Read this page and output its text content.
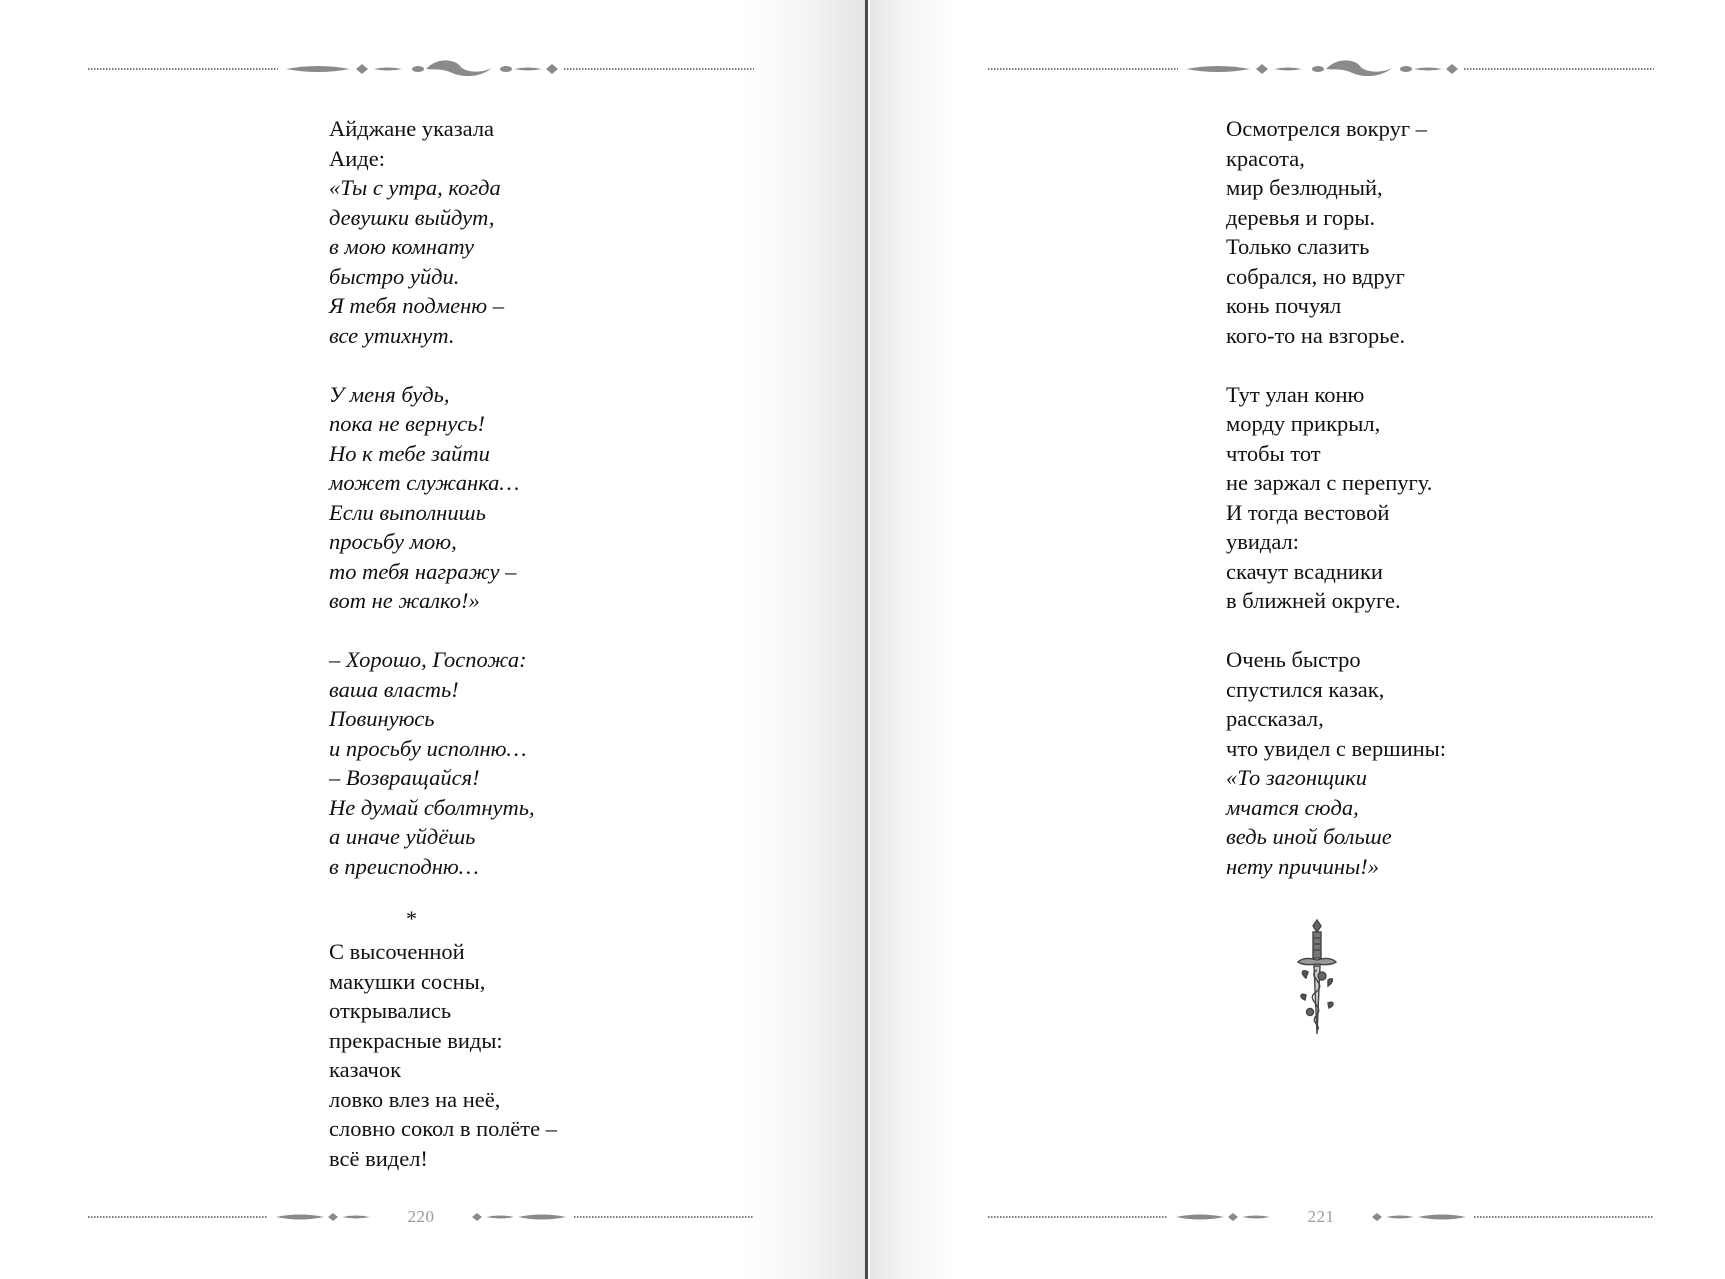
Айджане указала
Аиде:
«Ты с утра, когда
девушки выйдут,
в мою комнату
быстро уйди.
Я тебя подменю –
все утихнут.
У меня будь,
пока не вернусь!
Но к тебе зайти
может служанка…
Если выполнишь
просьбу мою,
то тебя награжу –
вот не жалко!»
– Хорошо, Госпожа:
ваша власть!
Повинуюсь
и просьбу исполню…
– Возвращайся!
Не думай сболтнуть,
а иначе уйдёшь
в преисподню…
*
С высоченной
макушки сосны,
открывались
прекрасные виды:
казачок
ловко влез на неё,
словно сокол в полёте –
всё видел!
Осмотрелся вокруг –
красота,
мир безлюдный,
деревья и горы.
Только слазить
собрался, но вдруг
конь почуял
кого-то на взгорье.
Тут улан коню
морду прикрыл,
чтобы тот
не заржал с перепугу.
И тогда вестовой
увидал:
скачут всадники
в ближней округе.
Очень быстро
спустился казак,
рассказал,
что увидел с вершины:
«То загонщики
мчатся сюда,
ведь иной больше
нету причины!»
220	221
